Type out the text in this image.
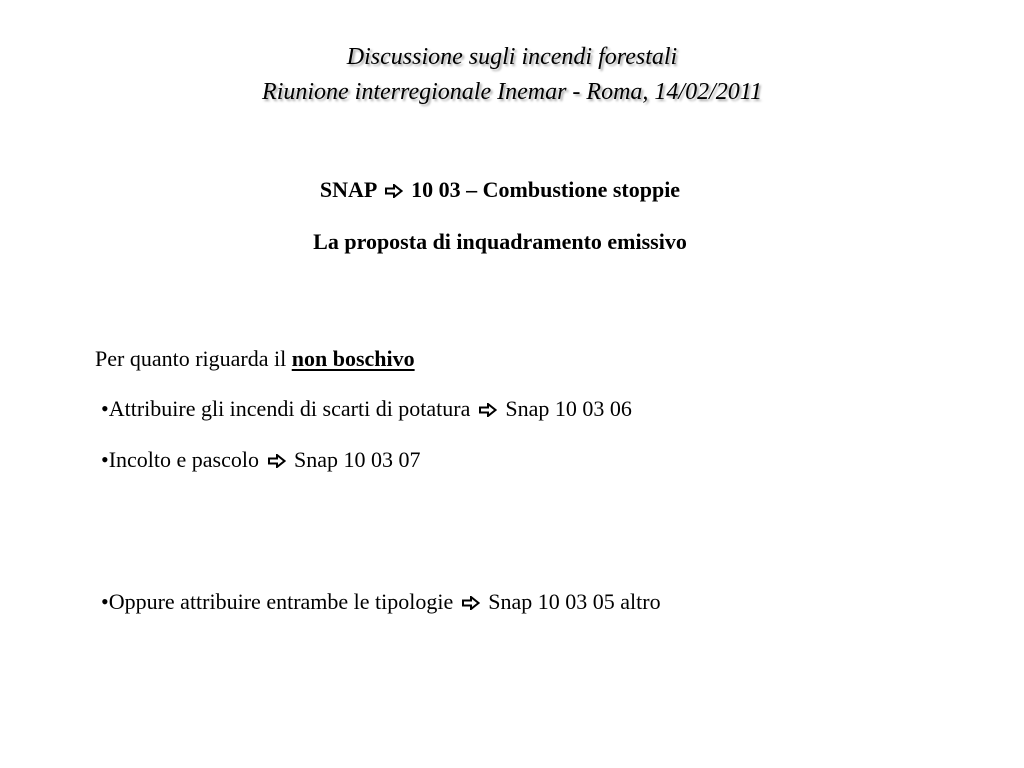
Discussione sugli incendi forestali
Riunione interregionale Inemar - Roma, 14/02/2011
SNAP 10 03 – Combustione stoppie
La proposta di inquadramento emissivo
Per quanto riguarda il non boschivo
•Attribuire gli incendi di scarti di potatura Snap 10 03 06
•Incolto e pascolo Snap 10 03 07
•Oppure attribuire entrambe le tipologie Snap 10 03 05 altro
